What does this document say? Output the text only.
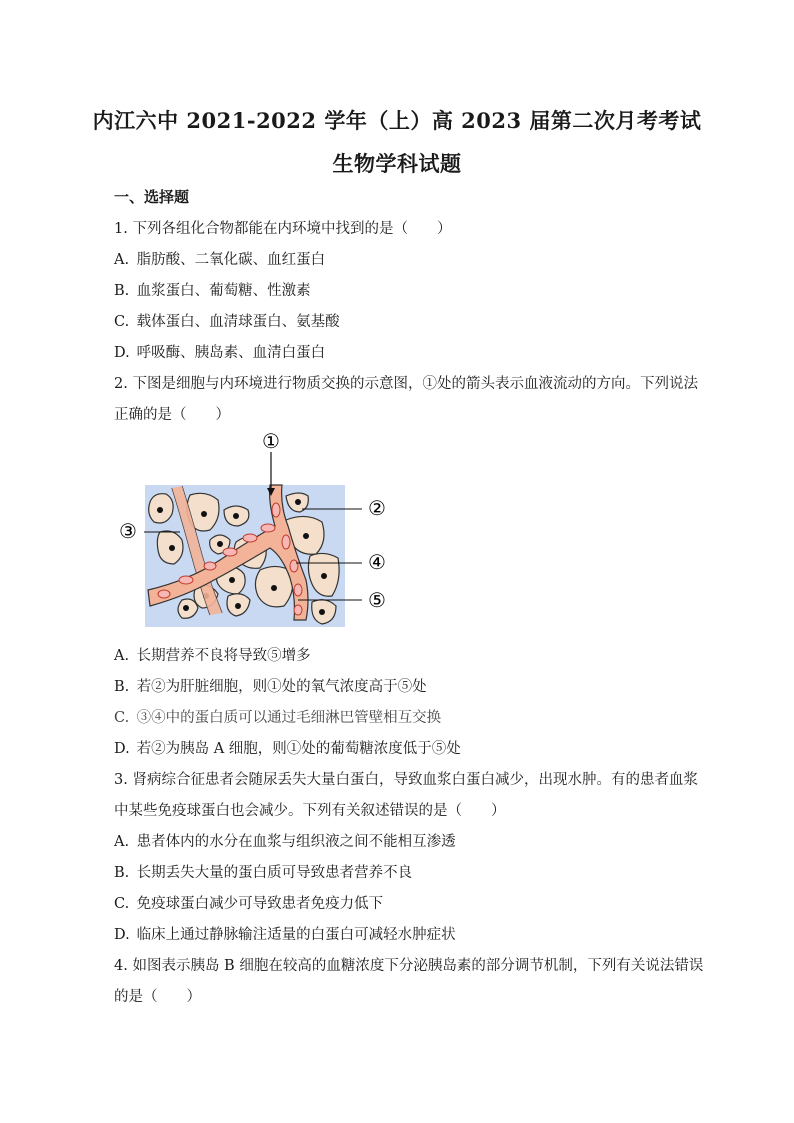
内江六中 2021-2022 学年（上）高 2023 届第二次月考考试
生物学科试题
一、选择题
1. 下列各组化合物都能在内环境中找到的是（　　）
A. 脂肪酸、二氧化碳、血红蛋白
B. 血浆蛋白、葡萄糖、性激素
C. 载体蛋白、血清球蛋白、氨基酸
D. 呼吸酶、胰岛素、血清白蛋白
2. 下图是细胞与内环境进行物质交换的示意图，①处的箭头表示血液流动的方向。下列说法
正确的是（　　）
①
②
③
④
⑤
A. 长期营养不良将导致⑤增多
B. 若②为肝脏细胞，则①处的氧气浓度高于⑤处
C. ③④中的蛋白质可以通过毛细淋巴管壁相互交换
D. 若②为胰岛 A 细胞，则①处的葡萄糖浓度低于⑤处
3. 肾病综合征患者会随尿丢失大量白蛋白，导致血浆白蛋白减少，出现水肿。有的患者血浆
中某些免疫球蛋白也会减少。下列有关叙述错误的是（　　）
A. 患者体内的水分在血浆与组织液之间不能相互渗透
B. 长期丢失大量的蛋白质可导致患者营养不良
C. 免疫球蛋白减少可导致患者免疫力低下
D. 临床上通过静脉输注适量的白蛋白可减轻水肿症状
4. 如图表示胰岛 B 细胞在较高的血糖浓度下分泌胰岛素的部分调节机制，下列有关说法错误
的是（　　）
